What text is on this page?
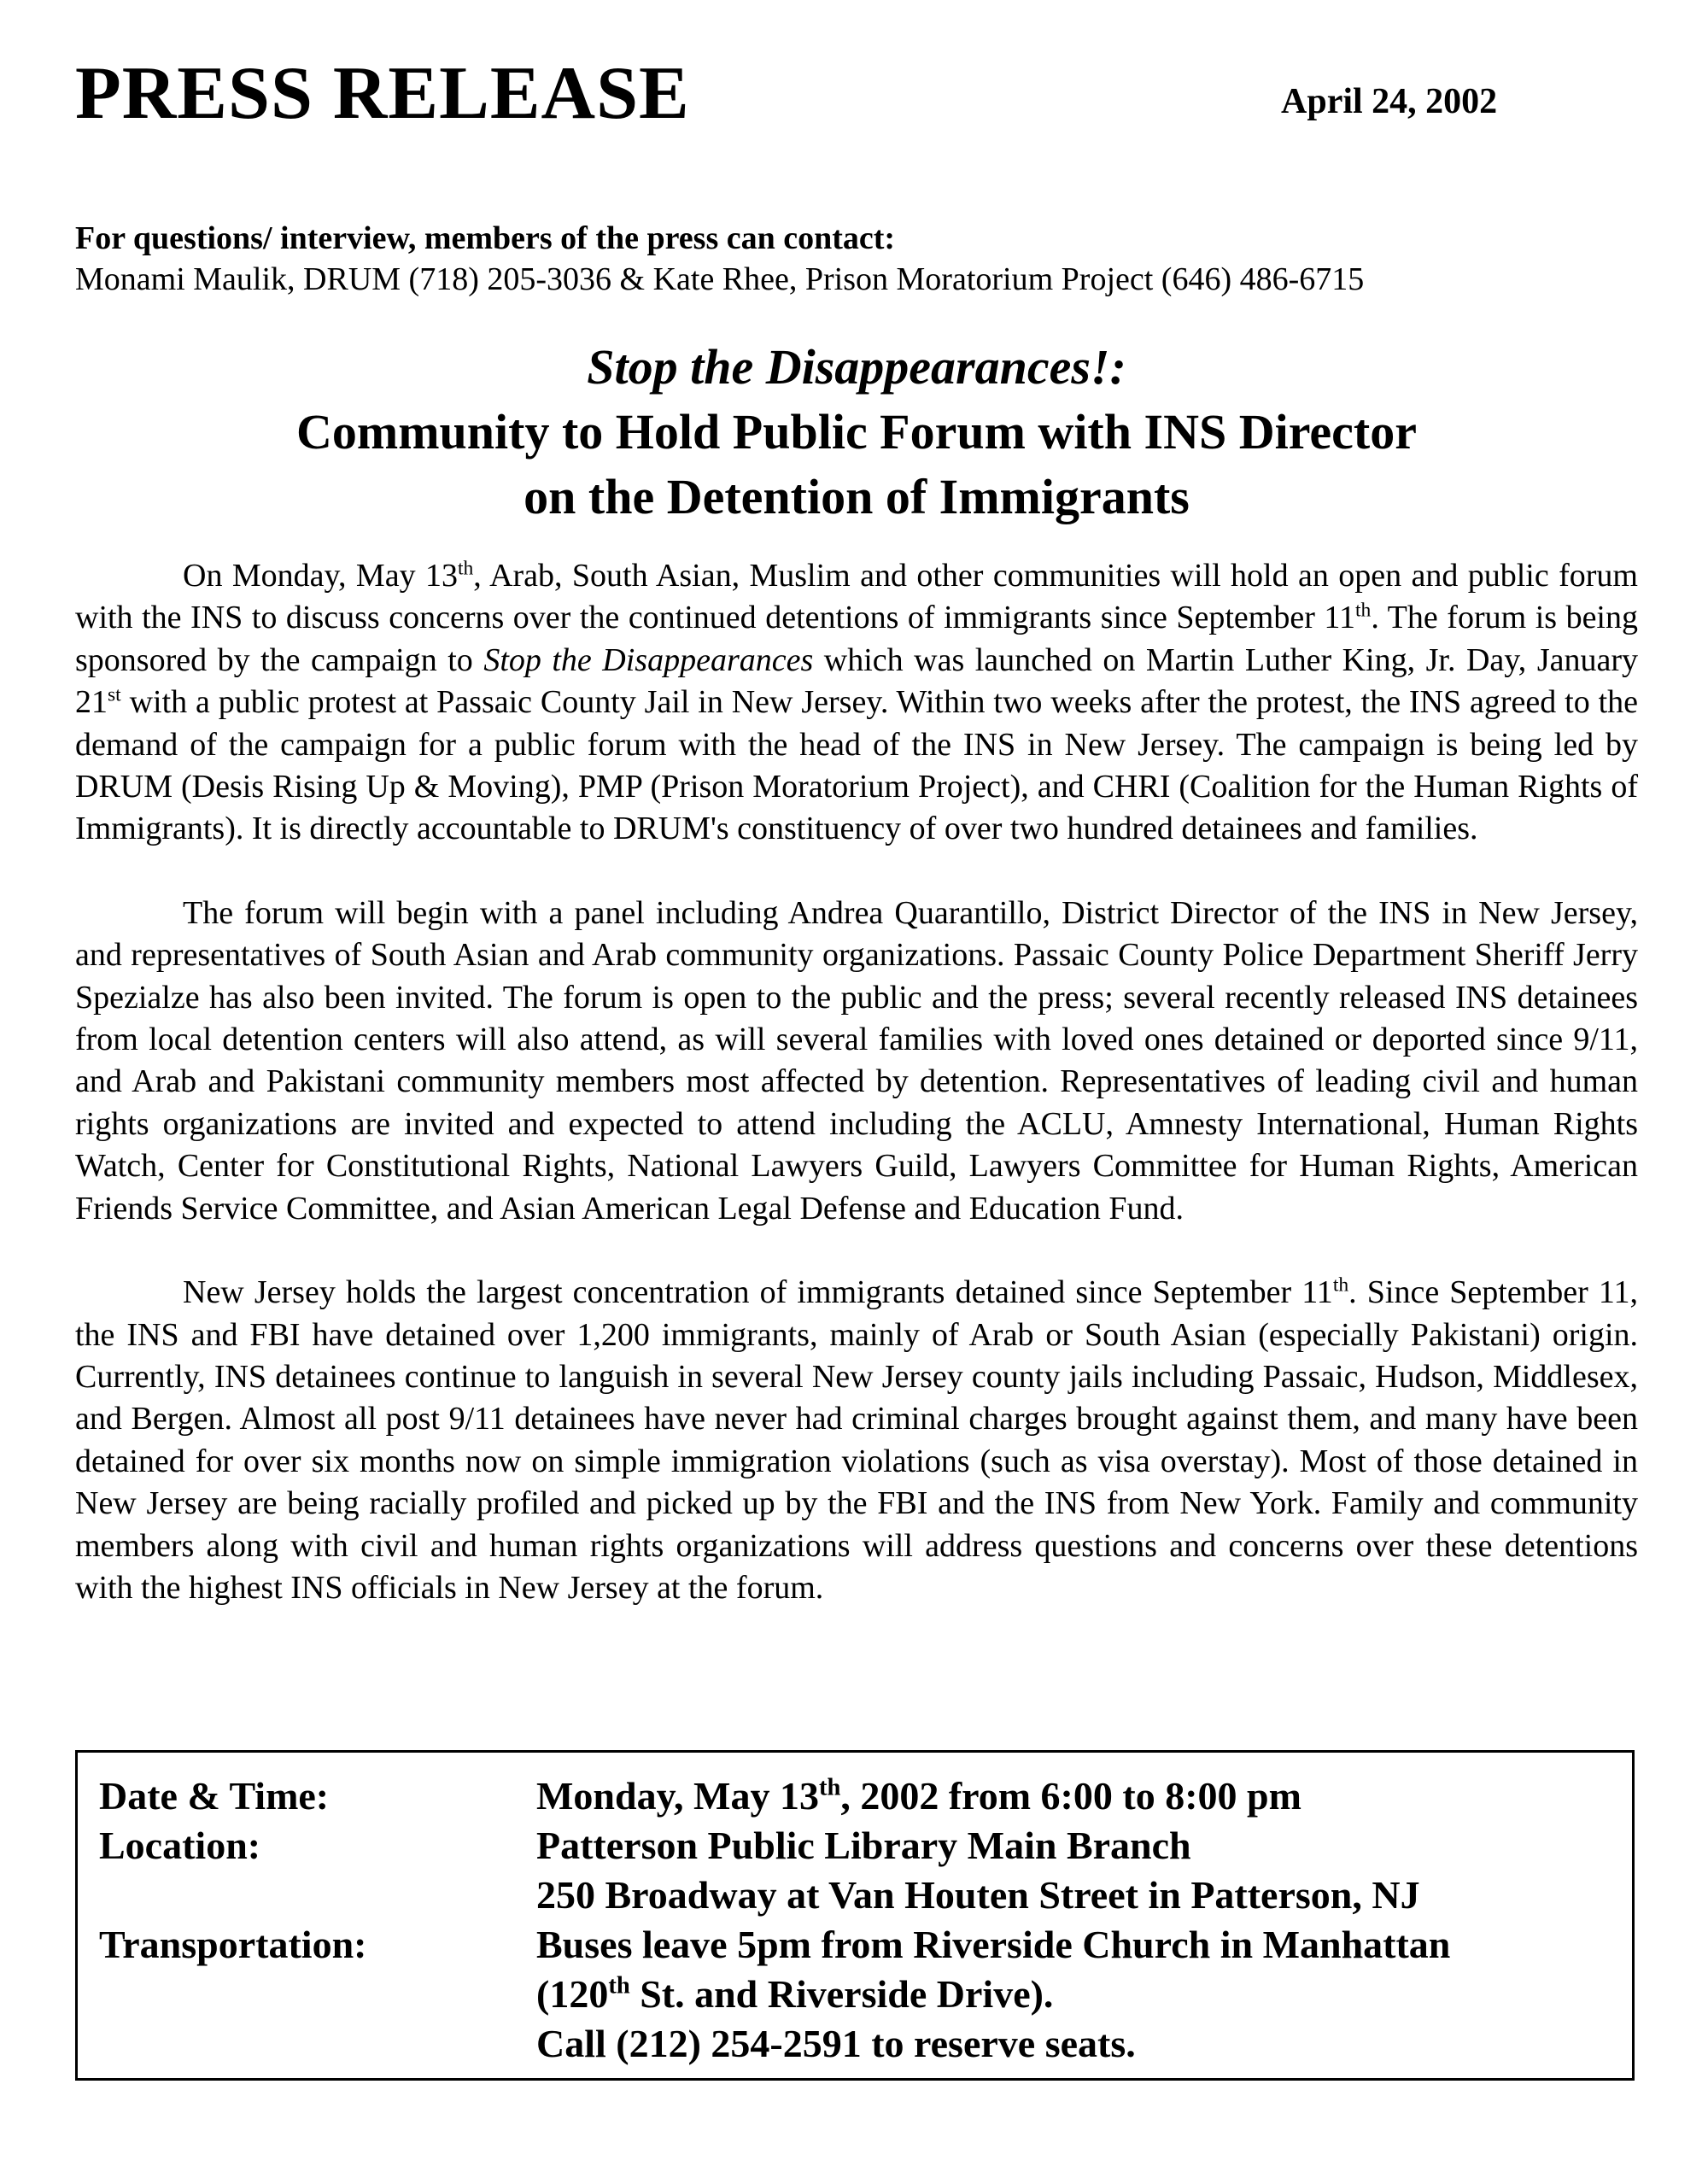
PRESS RELEASE	April 24, 2002
For questions/ interview, members of the press can contact:
Monami Maulik, DRUM (718) 205-3036 & Kate Rhee, Prison Moratorium Project (646) 486-6715
Stop the Disappearances!:
Community to Hold Public Forum with INS Director
on the Detention of Immigrants

On Monday, May 13th, Arab, South Asian, Muslim and other communities will hold an open and public forum with the INS to discuss concerns over the continued detentions of immigrants since September 11th. The forum is being sponsored by the campaign to Stop the Disappearances which was launched on Martin Luther King, Jr. Day, January 21st with a public protest at Passaic County Jail in New Jersey. Within two weeks after the protest, the INS agreed to the demand of the campaign for a public forum with the head of the INS in New Jersey. The campaign is being led by DRUM (Desis Rising Up & Moving), PMP (Prison Moratorium Project), and CHRI (Coalition for the Human Rights of Immigrants). It is directly accountable to DRUM's constituency of over two hundred detainees and families.

The forum will begin with a panel including Andrea Quarantillo, District Director of the INS in New Jersey, and representatives of South Asian and Arab community organizations. Passaic County Police Department Sheriff Jerry Spezialze has also been invited. The forum is open to the public and the press; several recently released INS detainees from local detention centers will also attend, as will several families with loved ones detained or deported since 9/11, and Arab and Pakistani community members most affected by detention. Representatives of leading civil and human rights organizations are invited and expected to attend including the ACLU, Amnesty International, Human Rights Watch, Center for Constitutional Rights, National Lawyers Guild, Lawyers Committee for Human Rights, American Friends Service Committee, and Asian American Legal Defense and Education Fund.

New Jersey holds the largest concentration of immigrants detained since September 11th. Since September 11, the INS and FBI have detained over 1,200 immigrants, mainly of Arab or South Asian (especially Pakistani) origin. Currently, INS detainees continue to languish in several New Jersey county jails including Passaic, Hudson, Middlesex, and Bergen. Almost all post 9/11 detainees have never had criminal charges brought against them, and many have been detained for over six months now on simple immigration violations (such as visa overstay). Most of those detained in New Jersey are being racially profiled and picked up by the FBI and the INS from New York. Family and community members along with civil and human rights organizations will address questions and concerns over these detentions with the highest INS officials in New Jersey at the forum.

Date & Time:	Monday, May 13th, 2002 from 6:00 to 8:00 pm
Location:	Patterson Public Library Main Branch
250 Broadway at Van Houten Street in Patterson, NJ
Transportation:	Buses leave 5pm from Riverside Church in Manhattan
(120th St. and Riverside Drive).
Call (212) 254-2591 to reserve seats.
